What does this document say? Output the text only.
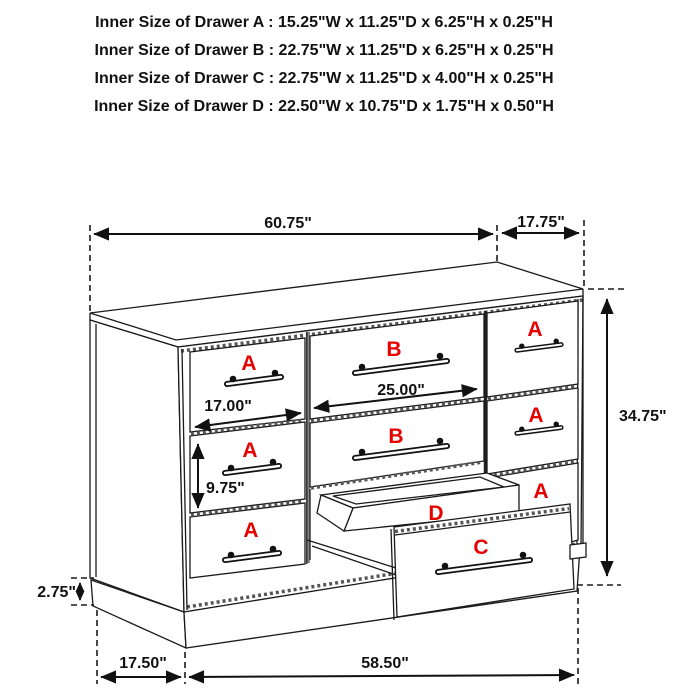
Inner Size of Drawer A : 15.25"W x 11.25"D x 6.25"H x 0.25"H
Inner Size of Drawer B : 22.75"W x 11.25"D x 6.25"H x 0.25"H
Inner Size of Drawer C : 22.75"W x 11.25"D x 4.00"H x 0.25"H
Inner Size of Drawer D : 22.50"W x 10.75"D x 1.75"H x 0.50"H
60.75"	17.75"
A
A
A
B
B
A
A
A
D
C
34.75"
17.00"
25.00"
9.75"
2.75"
17.50"	58.50"
